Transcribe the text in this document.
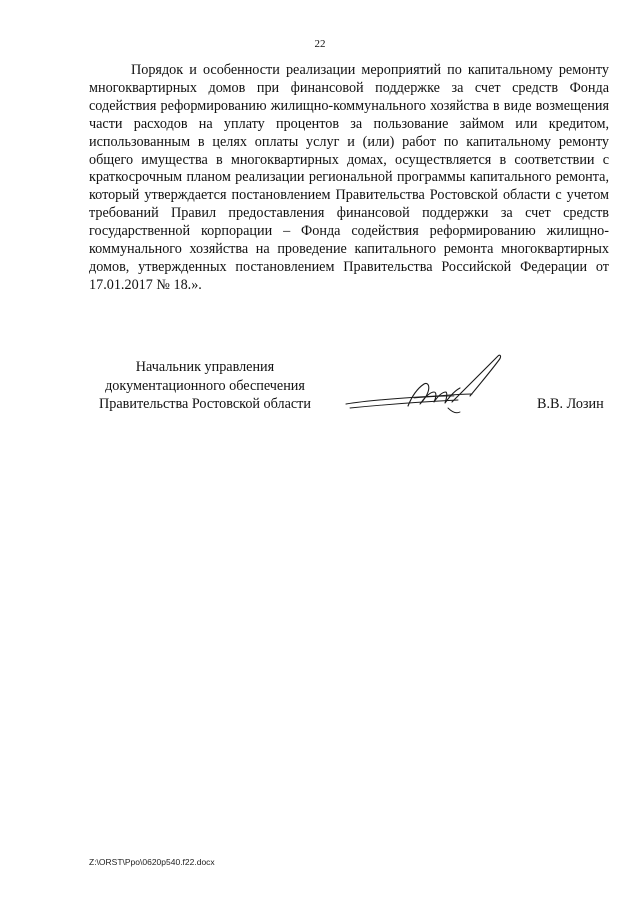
22

Порядок и особенности реализации мероприятий по капитальному ремонту многоквартирных домов при финансовой поддержке за счет средств Фонда содействия реформированию жилищно-коммунального хозяйства в виде возмещения части расходов на уплату процентов за пользование займом или кредитом, использованным в целях оплаты услуг и (или) работ по капитальному ремонту общего имущества в многоквартирных домах, осуществляется в соответствии с краткосрочным планом реализации региональной программы капитального ремонта, который утверждается постановлением Правительства Ростовской области с учетом требований Правил предоставления финансовой поддержки за счет средств государственной корпорации – Фонда содействия реформированию жилищно-коммунального хозяйства на проведение капитального ремонта многоквартирных домов, утвержденных постановлением Правительства Российской Федерации от 17.01.2017 № 18.».

Начальник управления
документационного обеспечения
Правительства Ростовской области	В.В. Лозин
Z:\ORST\Ppo\0620p540.f22.docx
